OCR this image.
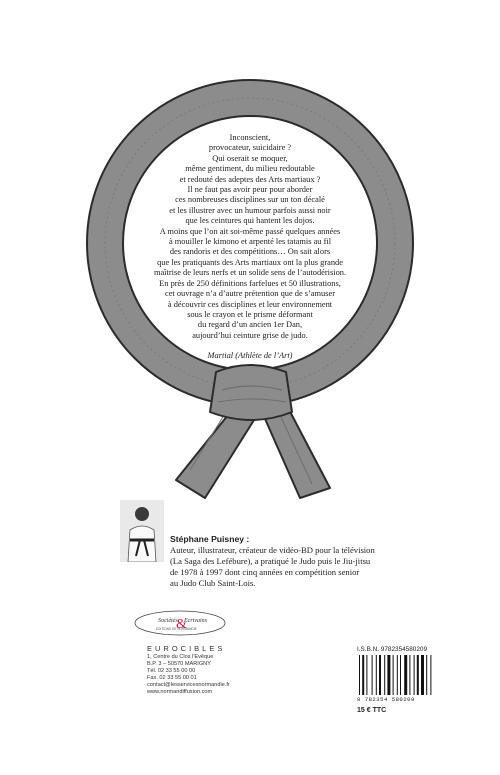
Inconscient,
provocateur, suicidaire ?
Qui oserait se moquer,
même gentiment, du milieu redoutable
et redouté des adeptes des Arts martiaux ?
Il ne faut pas avoir peur pour aborder
ces nombreuses disciplines sur un ton décalé
et les illustrer avec un humour parfois aussi noir
que les ceintures qui hantent les dojos.
A moins que l’on ait soi-même passé quelques années
à mouiller le kimono et arpenté les tatamis au fil
des randoris et des compétitions… On sait alors
que les pratiquants des Arts martiaux ont la plus grande
maîtrise de leurs nerfs et un solide sens de l’autodérision.
En près de 250 définitions farfelues et 50 illustrations,
cet ouvrage n’a d’autre prétention que de s’amuser
à découvrir ces disciplines et leur environnement
sous le crayon et le prisme déformant
du regard d’un ancien 1er Dan,
aujourd’hui ceinture grise de judo.
Martial (Athlète de l’Art)

Stéphane Puisney :
Auteur, illustrateur, créateur de vidéo-BD pour la télévision
(La Saga des Lefébure), a pratiqué le Judo puis le Jiu-jitsu
de 1978 à 1997 dont cinq années en compétition senior
au Judo Club Saint-Lois.
Sociétés Ecrivains
&
EDITIONS DE NORMANDIE
EUROCIBLES
1, Centre du Clos l'Evêque
B.P. 3 – 50570 MARIGNY
Tél. 02 33 55 00 00
Fax. 02 33 55 00 01
contact@lesservicesnormandie.fr
www.normandiffusion.com
I.S.B.N. 9782354580209
9 782354 580209
15 € TTC
